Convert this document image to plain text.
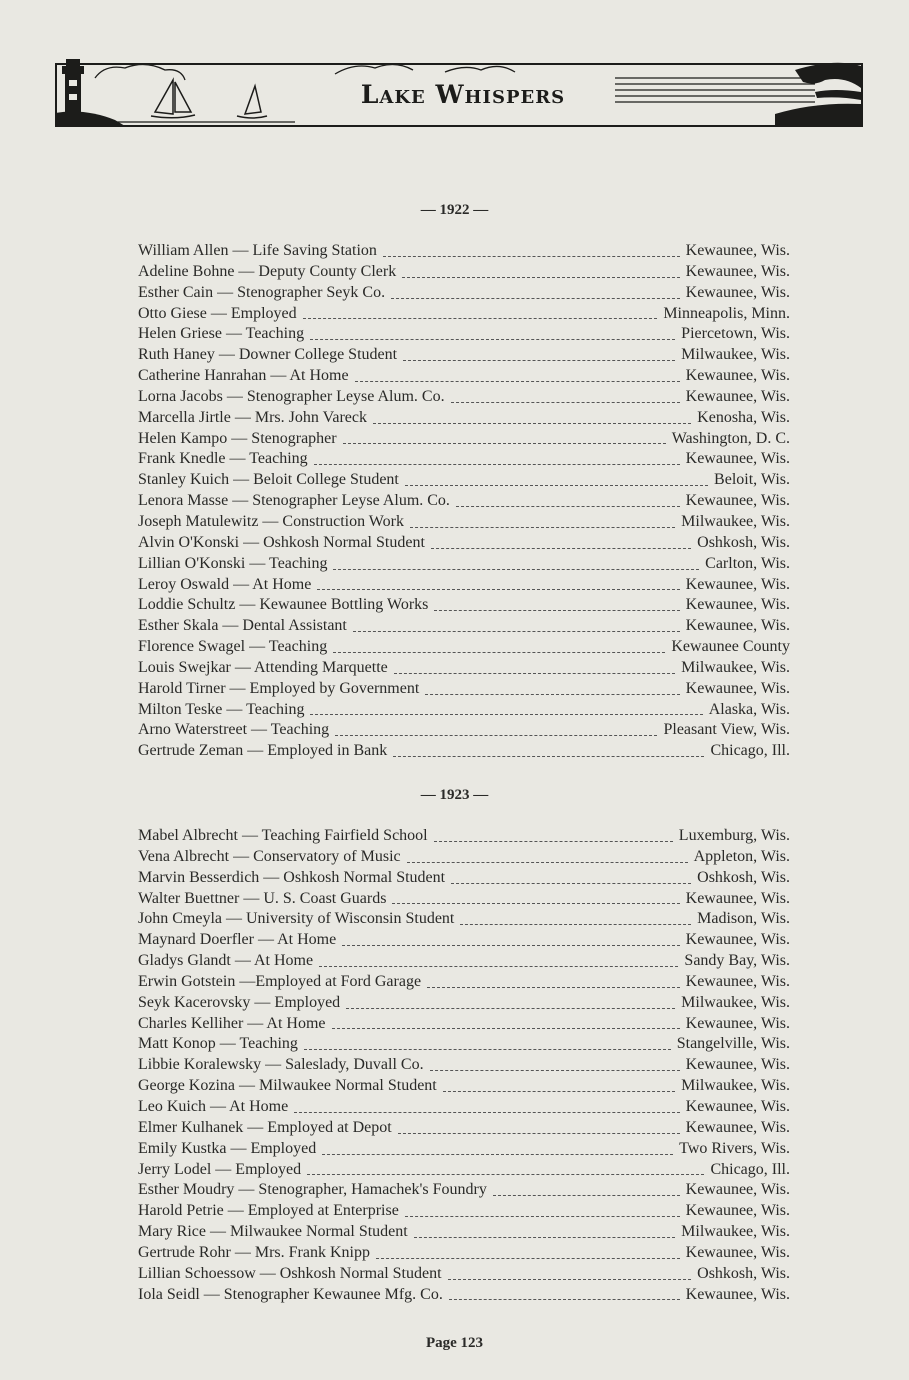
Lake Whispers
— 1922 —
William Allen — Life Saving Station	Kewaunee, Wis.
Adeline Bohne — Deputy County Clerk	Kewaunee, Wis.
Esther Cain — Stenographer Seyk Co.	Kewaunee, Wis.
Otto Giese — Employed	Minneapolis, Minn.
Helen Griese — Teaching	Piercetown, Wis.
Ruth Haney — Downer College Student	Milwaukee, Wis.
Catherine Hanrahan — At Home	Kewaunee, Wis.
Lorna Jacobs — Stenographer Leyse Alum. Co.	Kewaunee, Wis.
Marcella Jirtle — Mrs. John Vareck	Kenosha, Wis.
Helen Kampo — Stenographer	Washington, D. C.
Frank Knedle — Teaching	Kewaunee, Wis.
Stanley Kuich — Beloit College Student	Beloit, Wis.
Lenora Masse — Stenographer Leyse Alum. Co.	Kewaunee, Wis.
Joseph Matulewitz — Construction Work	Milwaukee, Wis.
Alvin O'Konski — Oshkosh Normal Student	Oshkosh, Wis.
Lillian O'Konski — Teaching	Carlton, Wis.
Leroy Oswald — At Home	Kewaunee, Wis.
Loddie Schultz — Kewaunee Bottling Works	Kewaunee, Wis.
Esther Skala — Dental Assistant	Kewaunee, Wis.
Florence Swagel — Teaching	Kewaunee County
Louis Swejkar — Attending Marquette	Milwaukee, Wis.
Harold Tirner — Employed by Government	Kewaunee, Wis.
Milton Teske — Teaching	Alaska, Wis.
Arno Waterstreet — Teaching	Pleasant View, Wis.
Gertrude Zeman — Employed in Bank	Chicago, Ill.
— 1923 —
Mabel Albrecht — Teaching Fairfield School	Luxemburg, Wis.
Vena Albrecht — Conservatory of Music	Appleton, Wis.
Marvin Besserdich — Oshkosh Normal Student	Oshkosh, Wis.
Walter Buettner — U. S. Coast Guards	Kewaunee, Wis.
John Cmeyla — University of Wisconsin Student	Madison, Wis.
Maynard Doerfler — At Home	Kewaunee, Wis.
Gladys Glandt — At Home	Sandy Bay, Wis.
Erwin Gotstein —Employed at Ford Garage	Kewaunee, Wis.
Seyk Kacerovsky — Employed	Milwaukee, Wis.
Charles Kelliher — At Home	Kewaunee, Wis.
Matt Konop — Teaching	Stangelville, Wis.
Libbie Koralewsky — Saleslady, Duvall Co.	Kewaunee, Wis.
George Kozina — Milwaukee Normal Student	Milwaukee, Wis.
Leo Kuich — At Home	Kewaunee, Wis.
Elmer Kulhanek — Employed at Depot	Kewaunee, Wis.
Emily Kustka — Employed	Two Rivers, Wis.
Jerry Lodel — Employed	Chicago, Ill.
Esther Moudry — Stenographer, Hamachek's Foundry	Kewaunee, Wis.
Harold Petrie — Employed at Enterprise	Kewaunee, Wis.
Mary Rice — Milwaukee Normal Student	Milwaukee, Wis.
Gertrude Rohr — Mrs. Frank Knipp	Kewaunee, Wis.
Lillian Schoessow — Oshkosh Normal Student	Oshkosh, Wis.
Iola Seidl — Stenographer Kewaunee Mfg. Co.	Kewaunee, Wis.
Page 123
